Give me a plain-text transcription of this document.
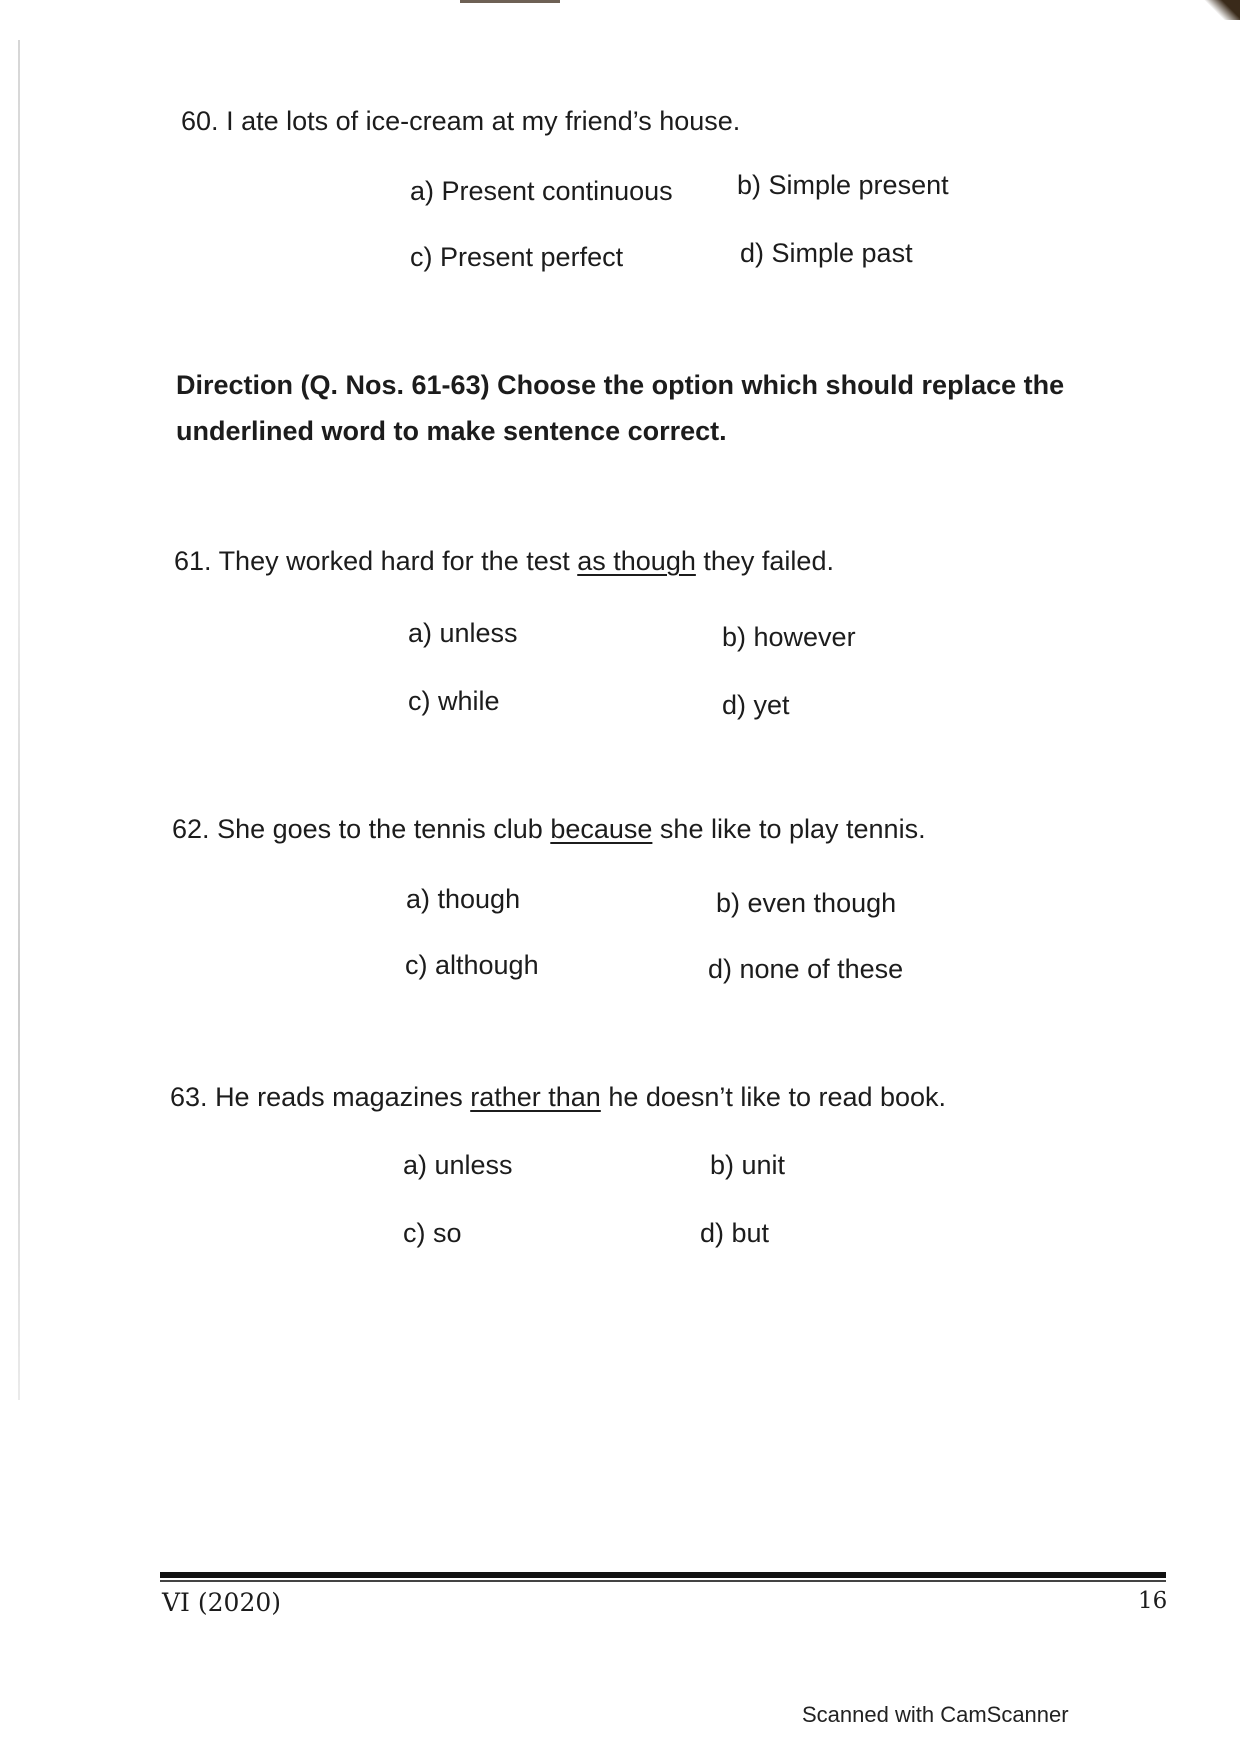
60. I ate lots of ice-cream at my friend’s house.
a) Present continuous b) Simple present
c) Present perfect	d) Simple past
Direction (Q. Nos. 61-63) Choose the option which should replace the
underlined word to make sentence correct.
61. They worked hard for the test as though they failed.
a) unless	b) however
c) while	d) yet
62. She goes to the tennis club because she like to play tennis.
a) though	b) even though
c) although	d) none of these
63. He reads magazines rather than he doesn’t like to read book.
a) unless	b) unit
c) so	d) but
VI (2020)	16
Scanned with CamScanner
